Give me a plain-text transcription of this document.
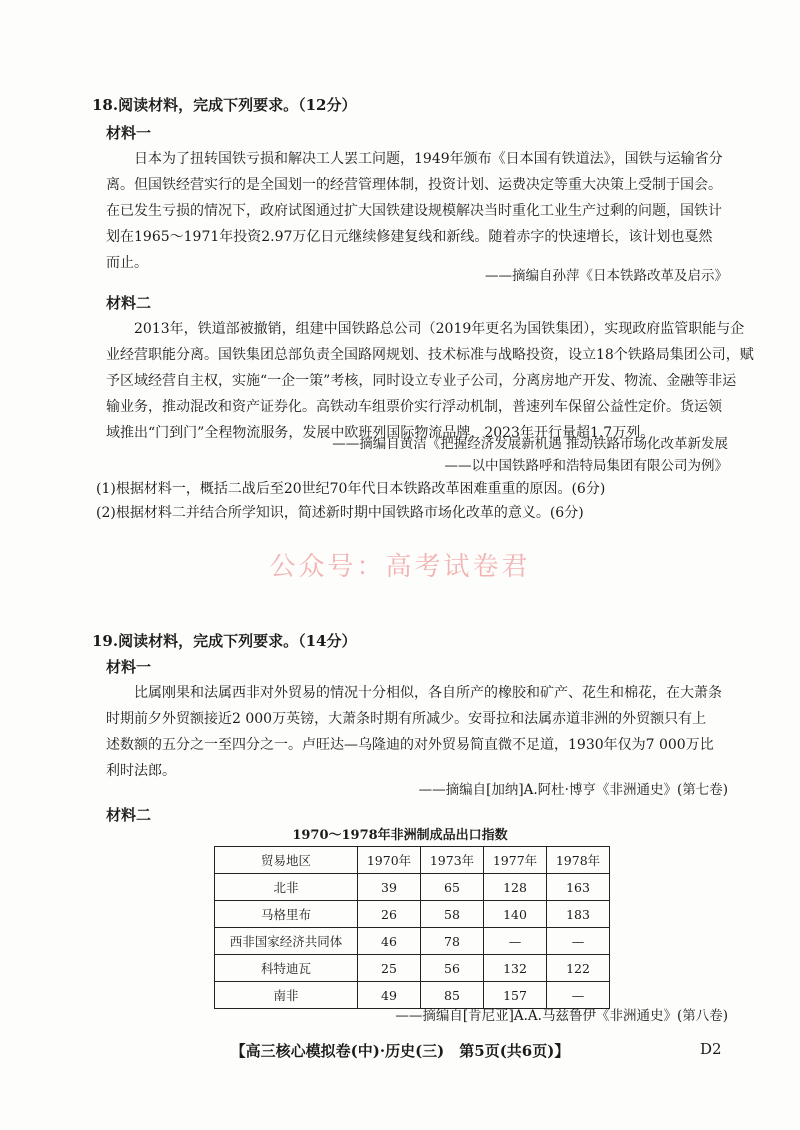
18.阅读材料，完成下列要求。（12分）
材料一
日本为了扭转国铁亏损和解决工人罢工问题，1949年颁布《日本国有铁道法》，国铁与运输省分
离。但国铁经营实行的是全国划一的经营管理体制，投资计划、运费决定等重大决策上受制于国会。
在已发生亏损的情况下，政府试图通过扩大国铁建设规模解决当时重化工业生产过剩的问题，国铁计
划在1965～1971年投资2.97万亿日元继续修建复线和新线。随着赤字的快速增长，该计划也戛然
而止。
——摘编自孙萍《日本铁路改革及启示》
材料二
2013年，铁道部被撤销，组建中国铁路总公司（2019年更名为国铁集团），实现政府监管职能与企
业经营职能分离。国铁集团总部负责全国路网规划、技术标准与战略投资，设立18个铁路局集团公司，赋
予区域经营自主权，实施“一企一策”考核，同时设立专业子公司，分离房地产开发、物流、金融等非运
输业务，推动混改和资产证券化。高铁动车组票价实行浮动机制，普速列车保留公益性定价。货运领
域推出“门到门”全程物流服务，发展中欧班列国际物流品牌，2023年开行量超1.7万列。
——摘编自黄洁《把握经济发展新机遇 推动铁路市场化改革新发展
——以中国铁路呼和浩特局集团有限公司为例》
(1)根据材料一，概括二战后至20世纪70年代日本铁路改革困难重重的原因。(6分)
(2)根据材料二并结合所学知识，简述新时期中国铁路市场化改革的意义。(6分)
公众号：高考试卷君
19.阅读材料，完成下列要求。（14分）
材料一
比属刚果和法属西非对外贸易的情况十分相似，各自所产的橡胶和矿产、花生和棉花，在大萧条
时期前夕外贸额接近2 000万英镑，大萧条时期有所减少。安哥拉和法属赤道非洲的外贸额只有上
述数额的五分之一至四分之一。卢旺达—乌隆迪的对外贸易简直微不足道，1930年仅为7 000万比
利时法郎。
——摘编自[加纳]A.阿杜·博亨《非洲通史》(第七卷)
材料二
1970～1978年非洲制成品出口指数
贸易地区	1970年	1973年	1977年	1978年
北非	39	65	128	163
马格里布	26	58	140	183
西非国家经济共同体	46	78	—	—
科特迪瓦	25	56	132	122
南非	49	85	157	—
——摘编自[肯尼亚]A.A.马兹鲁伊《非洲通史》(第八卷)
【高三核心模拟卷(中)·历史(三)　第5页(共6页)】	D2
